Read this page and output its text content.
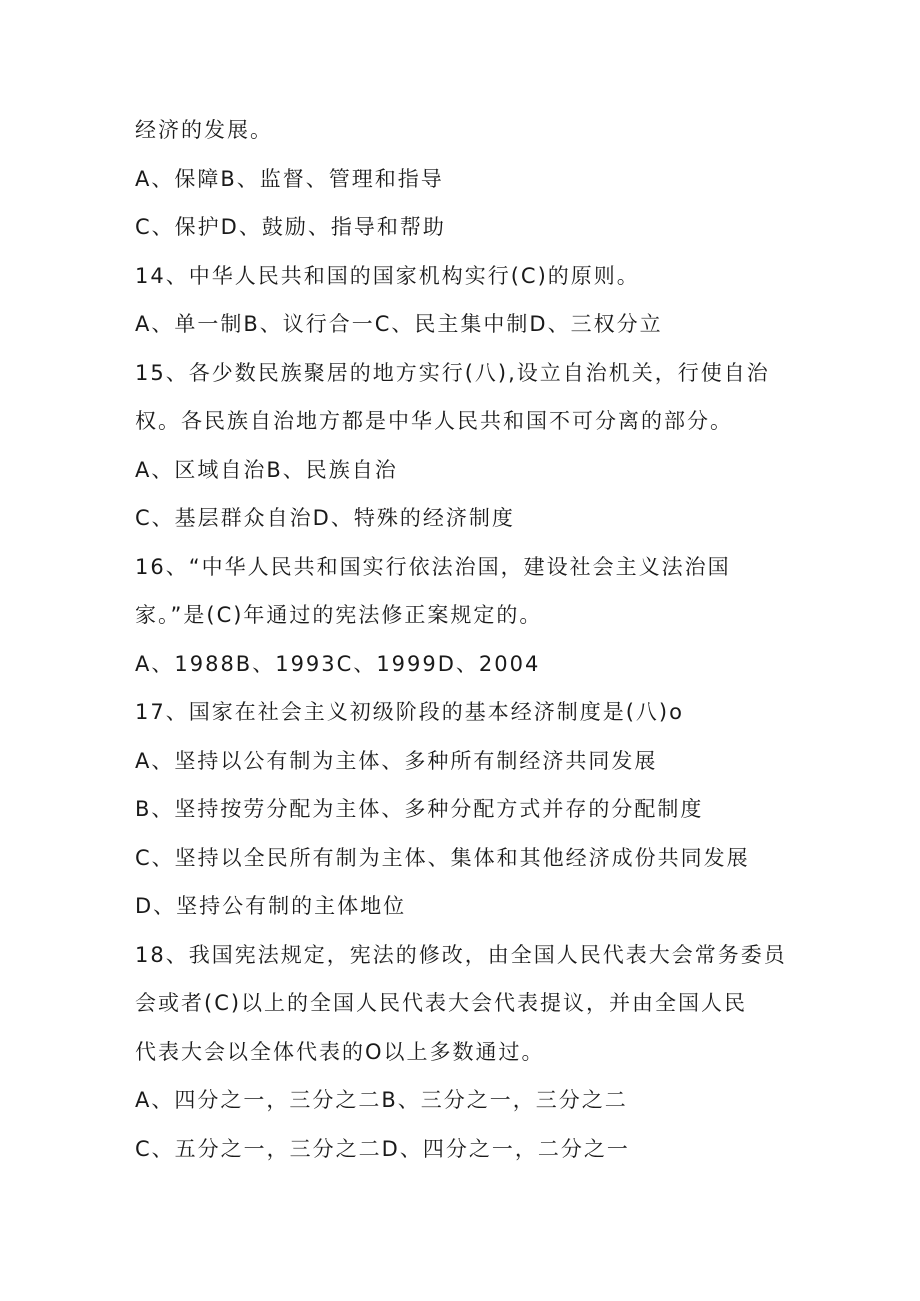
经济的发展。
A、保障B、监督、管理和指导
C、保护D、鼓励、指导和帮助
14、中华人民共和国的国家机构实行(C)的原则。
A、单一制B、议行合一C、民主集中制D、三权分立
15、各少数民族聚居的地方实行(八),设立自治机关，行使自治
权。各民族自治地方都是中华人民共和国不可分离的部分。
A、区域自治B、民族自治
C、基层群众自治D、特殊的经济制度
16、“中华人民共和国实行依法治国，建设社会主义法治国
家。”是(C)年通过的宪法修正案规定的。
A、1988B、1993C、1999D、2004
17、国家在社会主义初级阶段的基本经济制度是(八)o
A、坚持以公有制为主体、多种所有制经济共同发展
B、坚持按劳分配为主体、多种分配方式并存的分配制度
C、坚持以全民所有制为主体、集体和其他经济成份共同发展
D、坚持公有制的主体地位
18、我国宪法规定，宪法的修改，由全国人民代表大会常务委员
会或者(C)以上的全国人民代表大会代表提议，并由全国人民
代表大会以全体代表的O以上多数通过。
A、四分之一，三分之二B、三分之一，三分之二
C、五分之一，三分之二D、四分之一，二分之一
